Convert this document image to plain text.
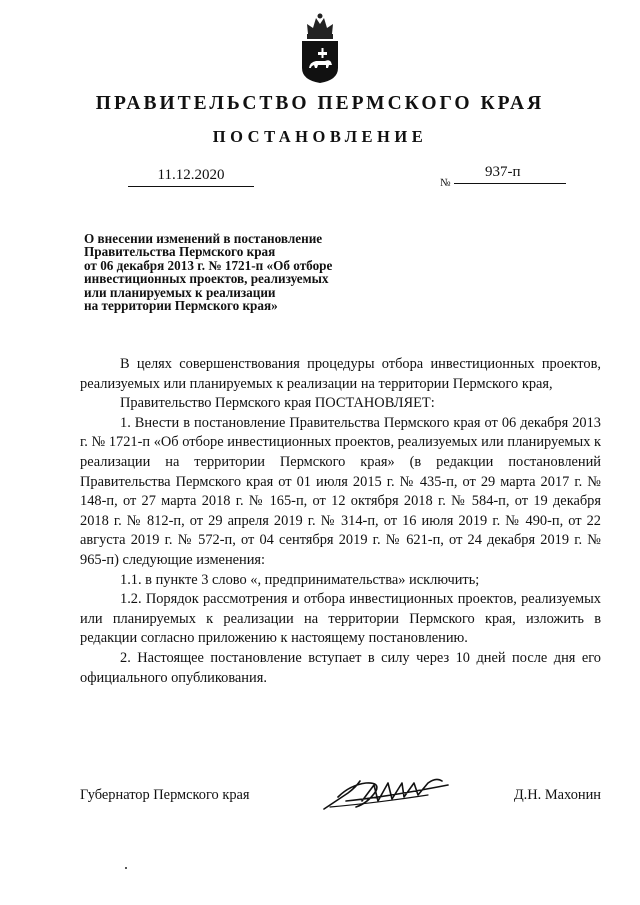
ПРАВИТЕЛЬСТВО ПЕРМСКОГО КРАЯ
ПОСТАНОВЛЕНИЕ
11.12.2020	№
937-п
О внесении изменений в постановление
Правительства Пермского края
от 06 декабря 2013 г. № 1721-п «Об отборе
инвестиционных проектов, реализуемых
или планируемых к реализации
на территории Пермского края»

В целях совершенствования процедуры отбора инвестиционных проектов, реализуемых или планируемых к реализации на территории Пермского края,

Правительство Пермского края ПОСТАНОВЛЯЕТ:

1. Внести в постановление Правительства Пермского края от 06 декабря 2013 г. № 1721-п «Об отборе инвестиционных проектов, реализуемых или планируемых к реализации на территории Пермского края» (в редакции постановлений Правительства Пермского края от 01 июля 2015 г. № 435-п, от 29 марта 2017 г. № 148-п, от 27 марта 2018 г. № 165-п, от 12 октября 2018 г. № 584-п, от 19 декабря 2018 г. № 812-п, от 29 апреля 2019 г. № 314-п, от 16 июля 2019 г. № 490-п, от 22 августа 2019 г. № 572-п, от 04 сентября 2019 г. № 621-п, от 24 декабря 2019 г. № 965-п) следующие изменения:

1.1. в пункте 3 слово «, предпринимательства» исключить;

1.2. Порядок рассмотрения и отбора инвестиционных проектов, реализуемых или планируемых к реализации на территории Пермского края, изложить в редакции согласно приложению к настоящему постановлению.

2. Настоящее постановление вступает в силу через 10 дней после дня его официального опубликования.

Губернатор Пермского края	Д.Н. Махонин
